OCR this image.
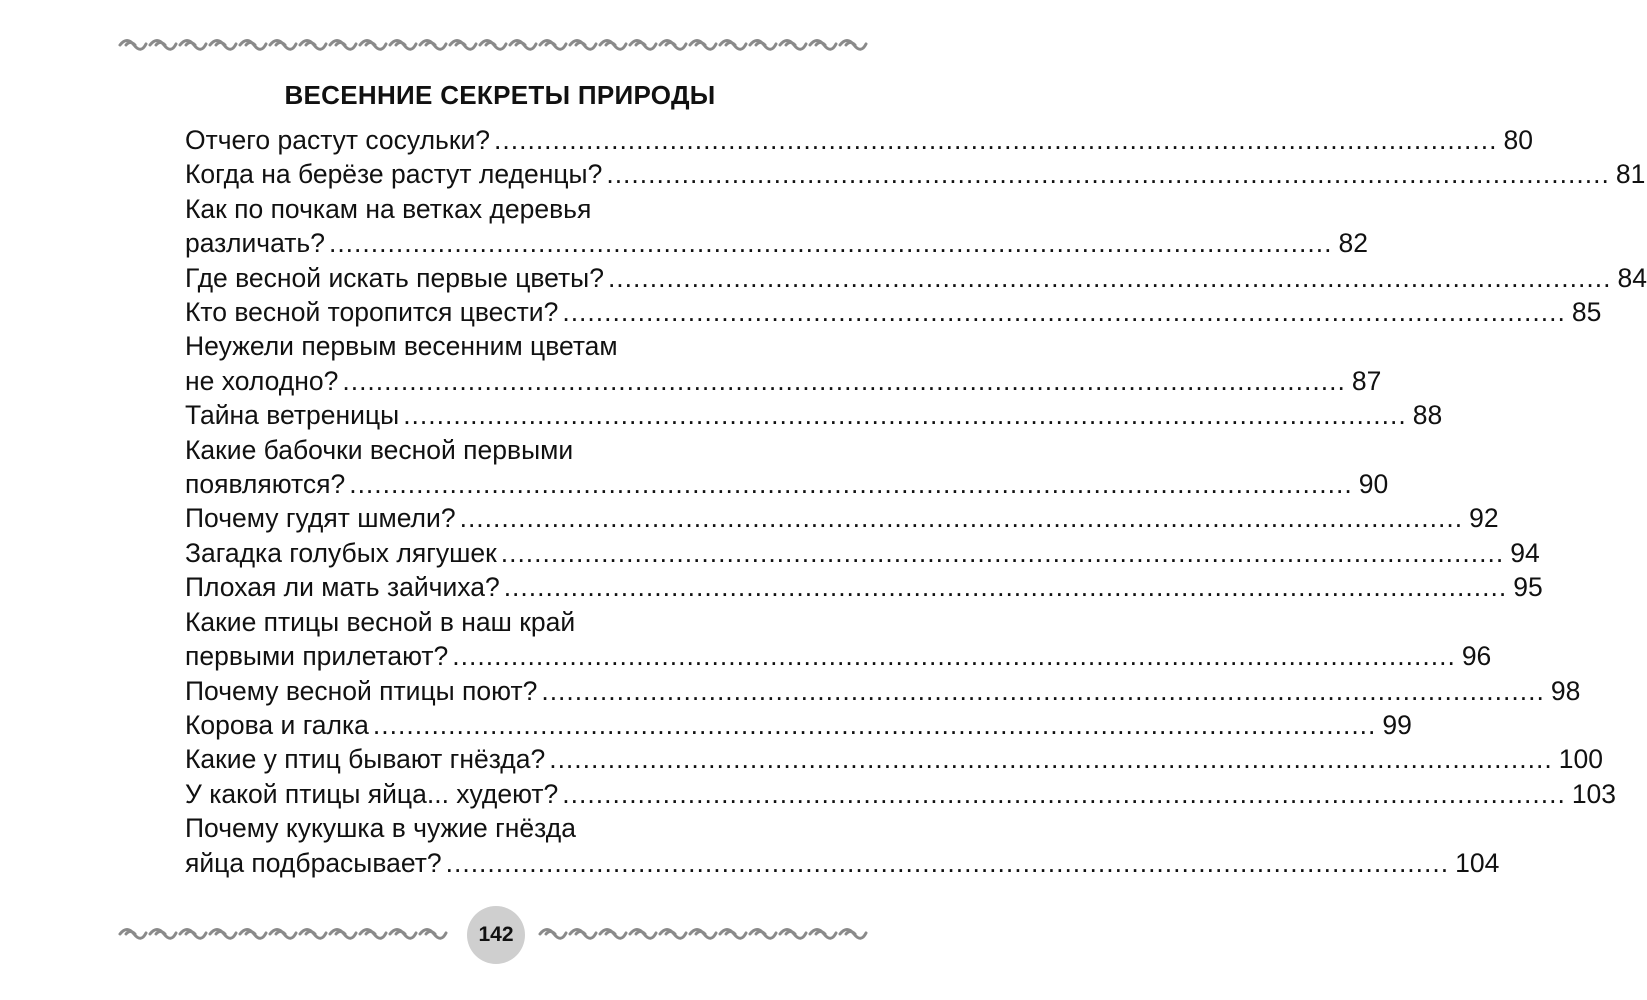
ВЕСЕННИЕ СЕКРЕТЫ ПРИРОДЫ
Отчего растут сосульки? ........................................................................................................................ 80
Когда на берёзе растут леденцы? ........................................................................................................................ 81
Как по почкам на ветках деревья
различать? ........................................................................................................................ 82
Где весной искать первые цветы? ........................................................................................................................ 84
Кто весной торопится цвести? ........................................................................................................................ 85
Неужели первым весенним цветам
не холодно? ........................................................................................................................ 87
Тайна ветреницы ........................................................................................................................ 88
Какие бабочки весной первыми
появляются? ........................................................................................................................ 90
Почему гудят шмели? ........................................................................................................................ 92
Загадка голубых лягушек ........................................................................................................................ 94
Плохая ли мать зайчиха? ........................................................................................................................ 95
Какие птицы весной в наш край
первыми прилетают? ........................................................................................................................ 96
Почему весной птицы поют? ........................................................................................................................ 98
Корова и галка ........................................................................................................................ 99
Какие у птиц бывают гнёзда? ........................................................................................................................ 100
У какой птицы яйца... худеют? ........................................................................................................................ 103
Почему кукушка в чужие гнёзда
яйца подбрасывает? ........................................................................................................................ 104
142
